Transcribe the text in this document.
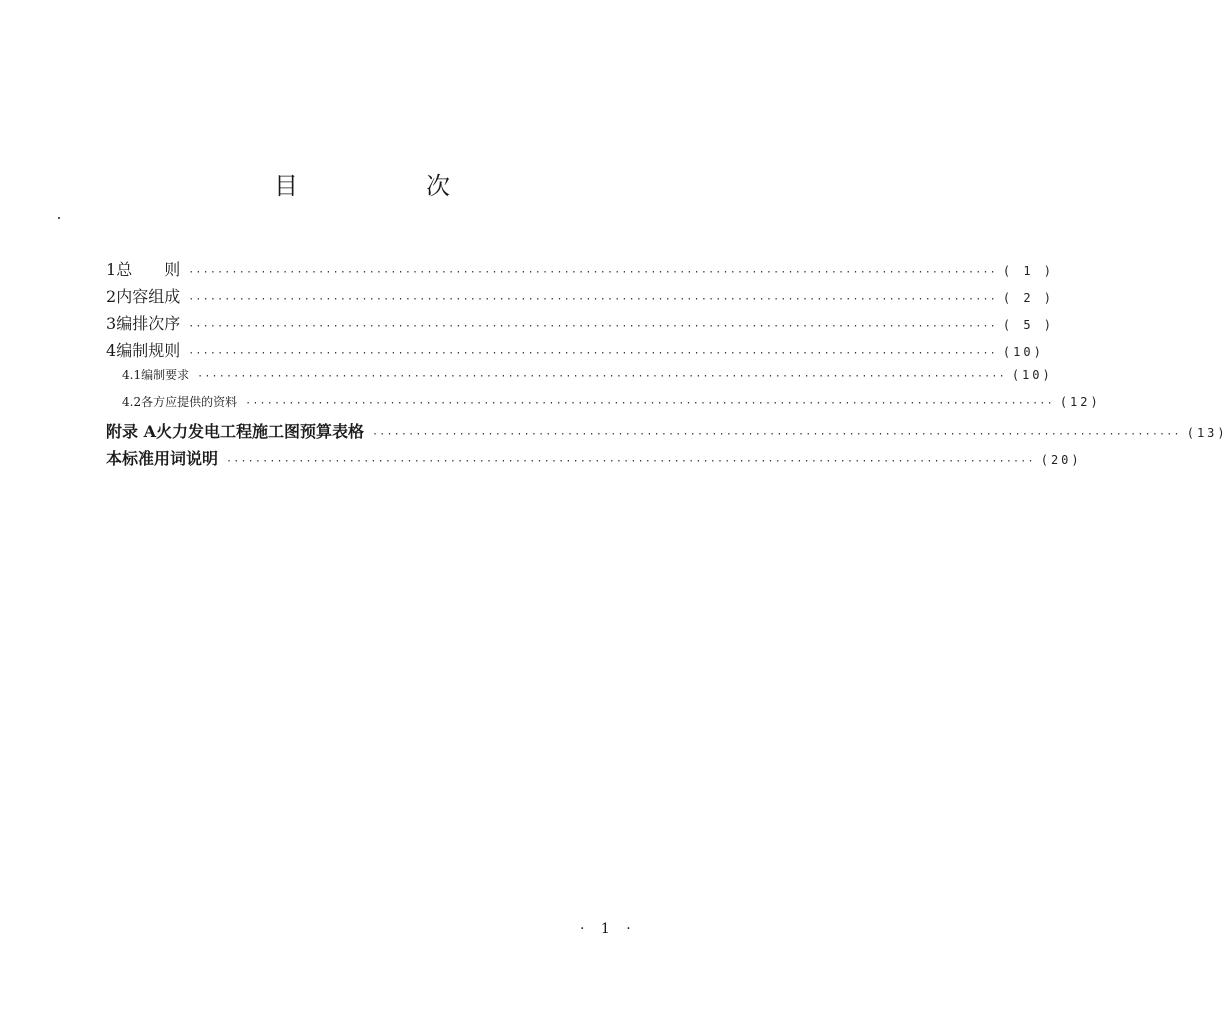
目　次
1 总　　则 ················································································································ ( 1 )
2 内容组成 ················································································································ ( 2 )
3 编排次序 ················································································································ ( 5 )
4 编制规则 ················································································································ (10)
4.1 编制要求 ················································································································ (10)
4.2 各方应提供的资料 ················································································································ (12)
附录 A 火力发电工程施工图预算表格 ················································································································ (13)
本标准用词说明 ················································································································ (20)
· 1 ·
